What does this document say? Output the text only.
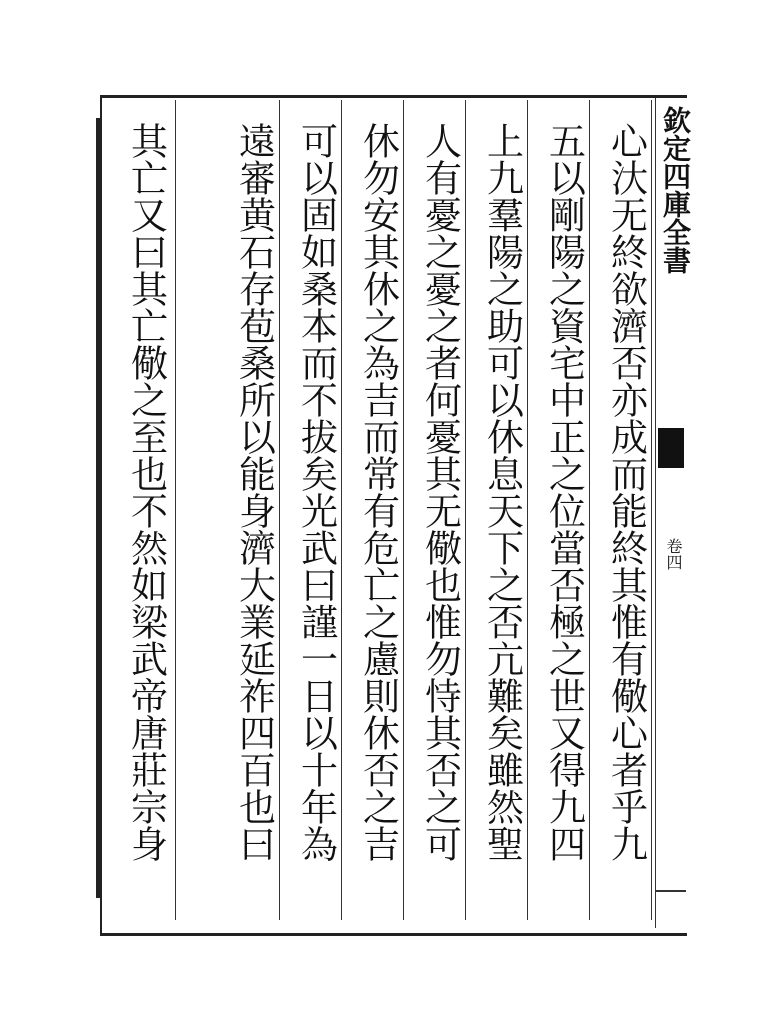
欽定四庫全書
卷四
心汏无終欲濟否亦成而能終其惟有儆心者乎九
五以剛陽之資宅中正之位當否極之世又得九四
上九羣陽之助可以休息天下之否亢難矣雖然聖
人有憂之憂之者何憂其无儆也惟勿恃其否之可
休勿安其休之為吉而常有危亡之慮則休否之吉
可以固如桑本而不拔矣光武曰謹一日以十年為
遠審黄石存苞桑所以能身濟大業延祚四百也曰
其亡又曰其亡儆之至也不然如梁武帝唐莊宗身
